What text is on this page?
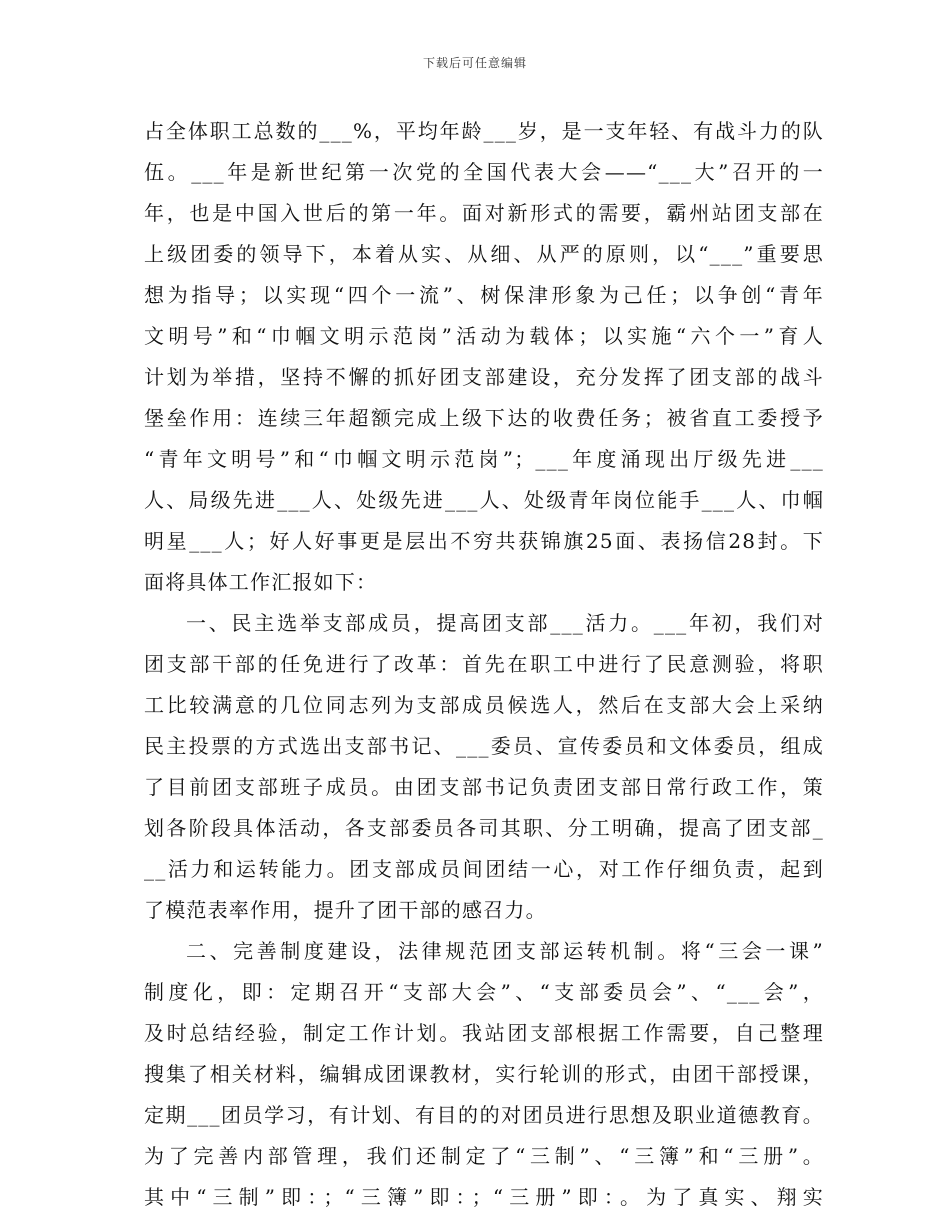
下载后可任意编辑
占全体职工总数的___%，平均年龄___岁，是一支年轻、有战斗力的队
伍。___年是新世纪第一次党的全国代表大会——“___大”召开的一
年，也是中国入世后的第一年。面对新形式的需要，霸州站团支部在
上级团委的领导下，本着从实、从细、从严的原则，以“___”重要思
想为指导；以实现“四个一流”、树保津形象为己任；以争创“青年
文明号”和“巾帼文明示范岗”活动为载体；以实施“六个一”育人
计划为举措，坚持不懈的抓好团支部建设，充分发挥了团支部的战斗
堡垒作用：连续三年超额完成上级下达的收费任务；被省直工委授予
“青年文明号”和“巾帼文明示范岗”；___年度涌现出厅级先进___
人、局级先进___人、处级先进___人、处级青年岗位能手___人、巾帼
明星___人；好人好事更是层出不穷共获锦旗25面、表扬信28封。下
面将具体工作汇报如下：
一、民主选举支部成员，提高团支部___活力。___年初，我们对
团支部干部的任免进行了改革：首先在职工中进行了民意测验，将职
工比较满意的几位同志列为支部成员候选人，然后在支部大会上采纳
民主投票的方式选出支部书记、___委员、宣传委员和文体委员，组成
了目前团支部班子成员。由团支部书记负责团支部日常行政工作，策
划各阶段具体活动，各支部委员各司其职、分工明确，提高了团支部_
__活力和运转能力。团支部成员间团结一心，对工作仔细负责，起到
了模范表率作用，提升了团干部的感召力。
二、完善制度建设，法律规范团支部运转机制。将“三会一课”
制度化，即：定期召开“支部大会”、“支部委员会”、“___会”，
及时总结经验，制定工作计划。我站团支部根据工作需要，自己整理
搜集了相关材料，编辑成团课教材，实行轮训的形式，由团干部授课，
定期___团员学习，有计划、有目的的对团员进行思想及职业道德教育。
为了完善内部管理，我们还制定了“三制”、“三簿”和“三册”。
其中“三制”即：；“三簿”即：；“三册”即：。为了真实、翔实
